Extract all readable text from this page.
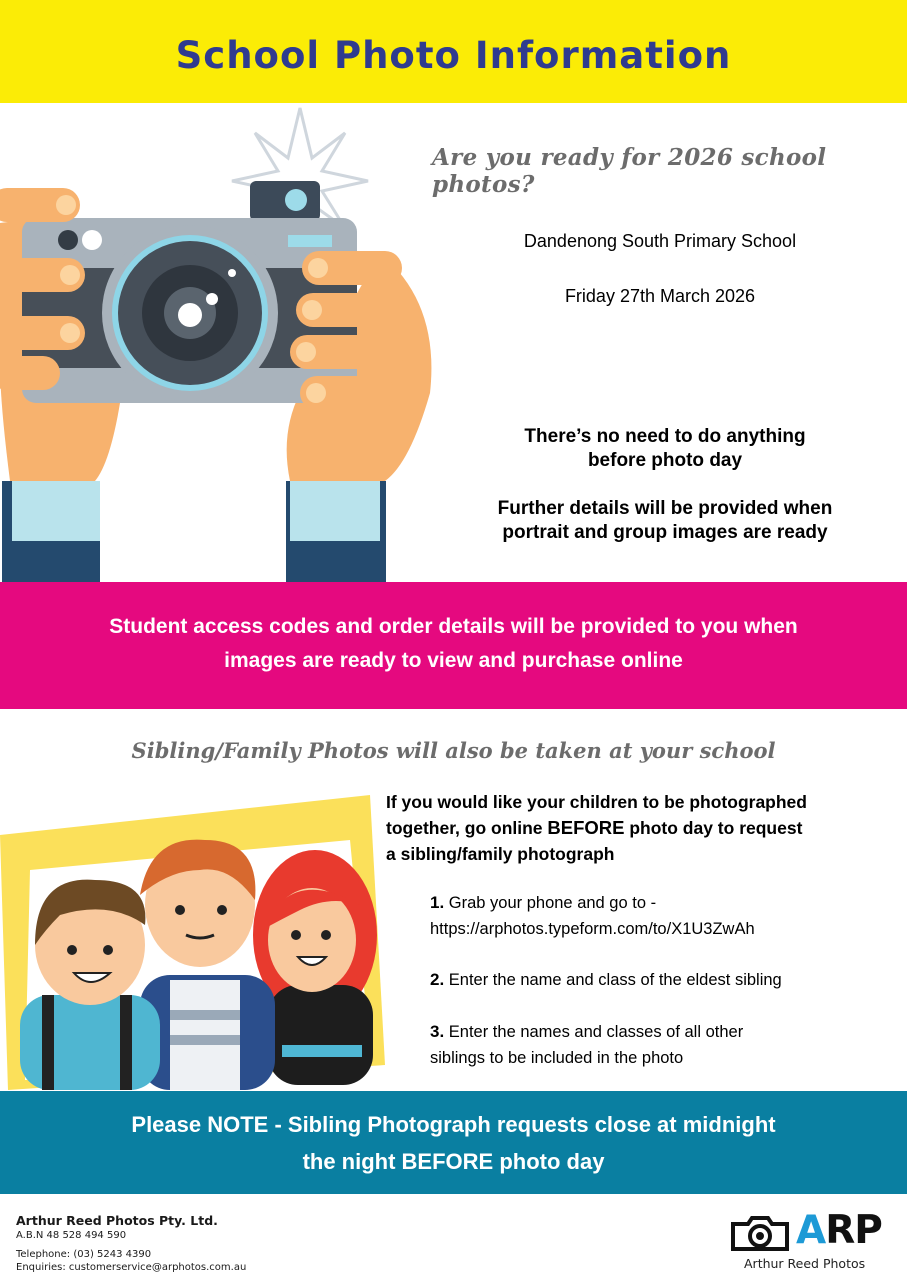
School Photo Information
Are you ready for 2026 school photos?
Dandenong South Primary School
Friday 27th March 2026
There’s no need to do anything
before photo day
Further details will be provided when
portrait and group images are ready

Student access codes and order details will be provided to you when
images are ready to view and purchase online

Sibling/Family Photos will also be taken at your school
If you would like your children to be photographed
together, go online BEFORE photo day to request
a sibling/family photograph
1. Grab your phone and go to -
https://arphotos.typeform.com/to/X1U3ZwAh
2. Enter the name and class of the eldest sibling
3. Enter the names and classes of all other
siblings to be included in the photo

Please NOTE - Sibling Photograph requests close at midnight
the night BEFORE photo day

Arthur Reed Photos Pty. Ltd.
A.B.N 48 528 494 590
Telephone: (03) 5243 4390
Enquiries: customerservice@arphotos.com.au
ARP
Arthur Reed Photos
